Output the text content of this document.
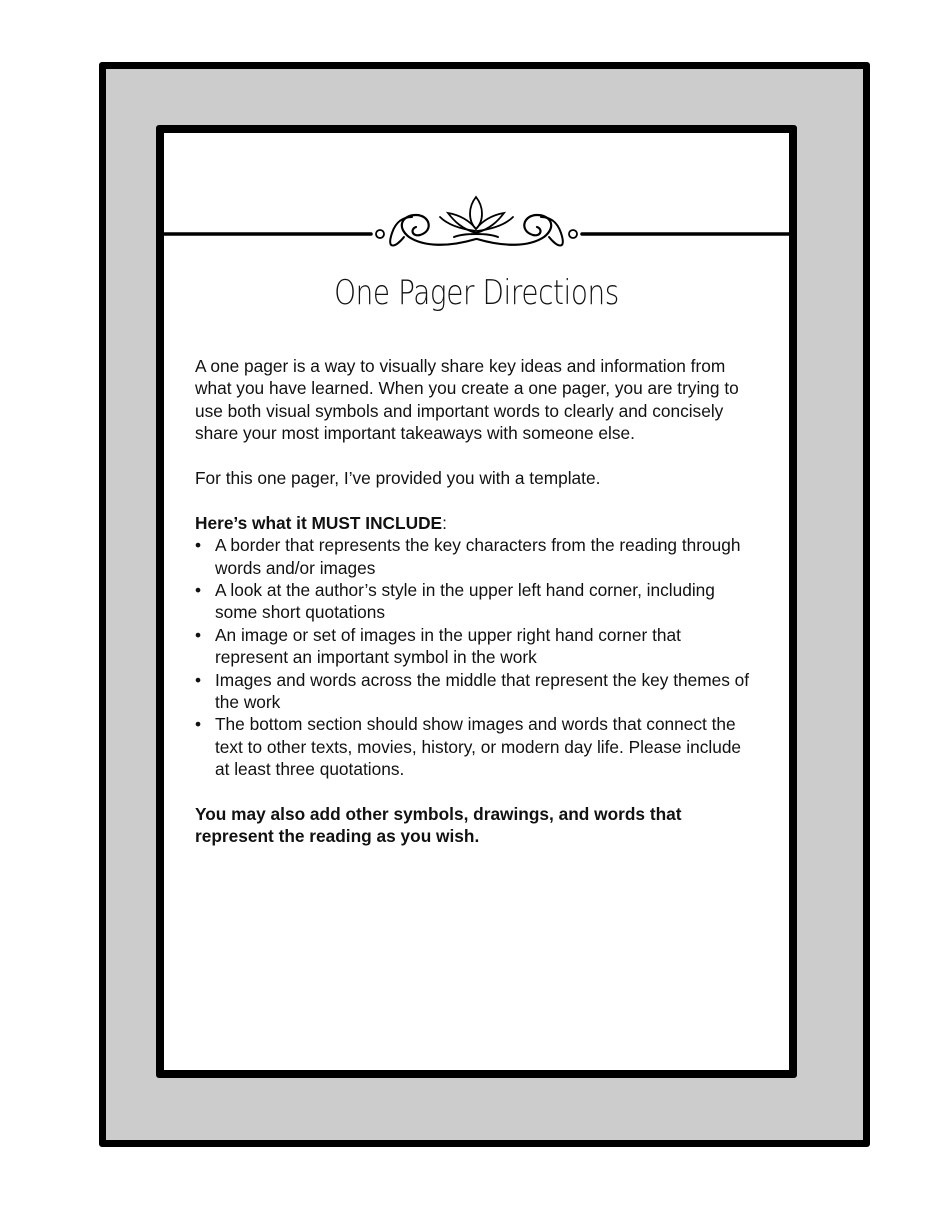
One Pager Directions

A one pager is a way to visually share key ideas and information from what you have learned. When you create a one pager, you are trying to use both visual symbols and important words to clearly and concisely share your most important takeaways with someone else.

For this one pager, I’ve provided you with a template.

Here’s what it MUST INCLUDE:

• A border that represents the key characters from the reading through words and/or images
• A look at the author’s style in the upper left hand corner, including some short quotations
• An image or set of images in the upper right hand corner that represent an important symbol in the work
• Images and words across the middle that represent the key themes of the work
• The bottom section should show images and words that connect the text to other texts, movies, history, or modern day life. Please include at least three quotations.

You may also add other symbols, drawings, and words that represent the reading as you wish.
